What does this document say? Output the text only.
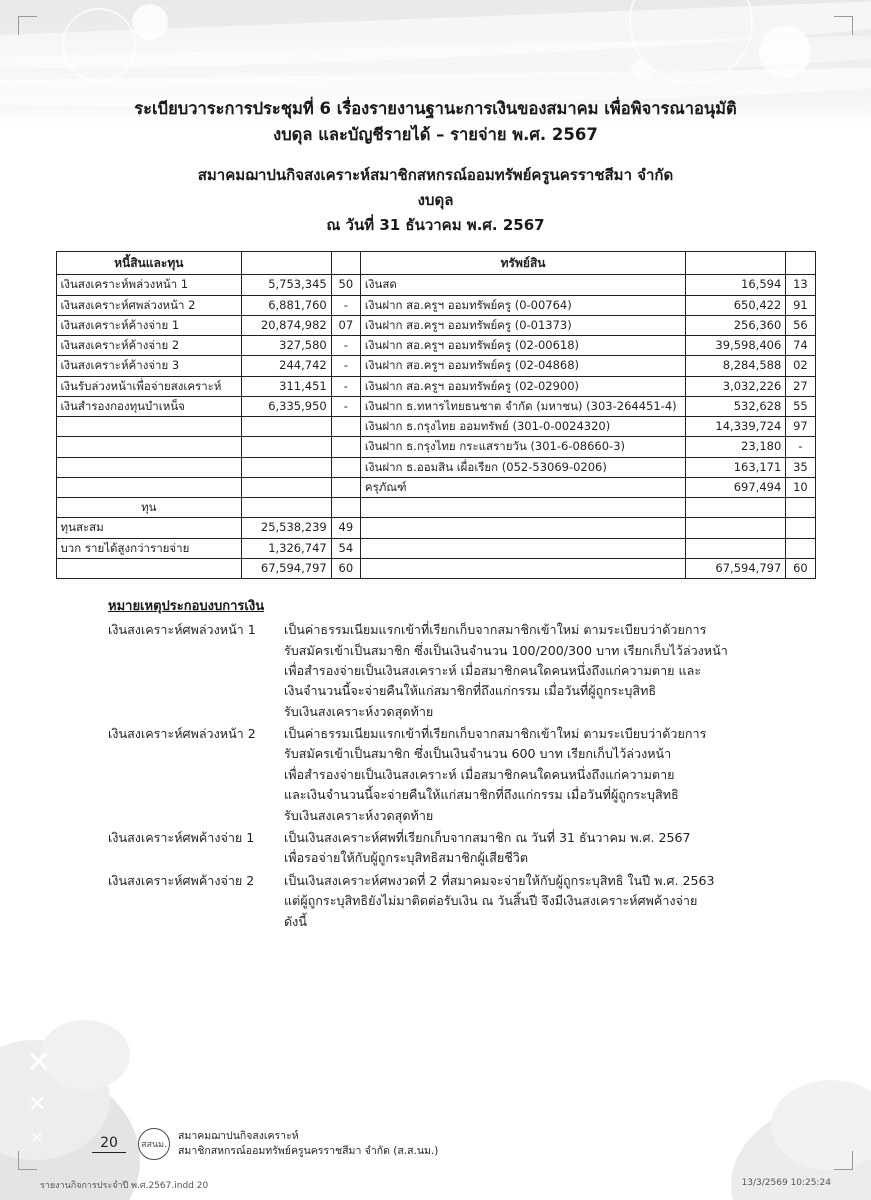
✕
✕
✕
ระเบียบวาระการประชุมที่ 6 เรื่องรายงานฐานะการเงินของสมาคม เพื่อพิจารณาอนุมัติ
งบดุล และบัญชีรายได้ – รายจ่าย พ.ศ. 2567
สมาคมฌาปนกิจสงเคราะห์สมาชิกสหกรณ์ออมทรัพย์ครูนครราชสีมา จำกัด
งบดุล
ณ วันที่ 31 ธันวาคม พ.ศ. 2567
หนี้สินและทุน			ทรัพย์สิน		
เงินสงเคราะห์พล่วงหน้า 1	5,753,345	50	เงินสด	16,594	13
เงินสงเคราะห์ศพล่วงหน้า 2	6,881,760	-	เงินฝาก สอ.ครูฯ ออมทรัพย์ครู (0-00764)	650,422	91
เงินสงเคราะห์ค้างจ่าย 1	20,874,982	07	เงินฝาก สอ.ครูฯ ออมทรัพย์ครู (0-01373)	256,360	56
เงินสงเคราะห์ค้างจ่าย 2	327,580	-	เงินฝาก สอ.ครูฯ ออมทรัพย์ครู (02-00618)	39,598,406	74
เงินสงเคราะห์ค้างจ่าย 3	244,742	-	เงินฝาก สอ.ครูฯ ออมทรัพย์ครู (02-04868)	8,284,588	02
เงินรับล่วงหน้าเพื่อจ่ายสงเคราะห์	311,451	-	เงินฝาก สอ.ครูฯ ออมทรัพย์ครู (02-02900)	3,032,226	27
เงินสำรองกองทุนบำเหน็จ	6,335,950	-	เงินฝาก ธ.ทหารไทยธนชาต จำกัด (มหาชน) (303-264451-4)	532,628	55
			เงินฝาก ธ.กรุงไทย ออมทรัพย์ (301-0-0024320)	14,339,724	97
			เงินฝาก ธ.กรุงไทย กระแสรายวัน (301-6-08660-3)	23,180	-
			เงินฝาก ธ.ออมสิน เผื่อเรียก (052-53069-0206)	163,171	35
			ครุภัณฑ์	697,494	10
ทุน					
ทุนสะสม	25,538,239	49			
บวก รายได้สูงกว่ารายจ่าย	1,326,747	54			
	67,594,797	60		67,594,797	60
หมายเหตุประกอบงบการเงิน
เงินสงเคราะห์ศพล่วงหน้า 1	เป็นค่าธรรมเนียมแรกเข้าที่เรียกเก็บจากสมาชิกเข้าใหม่ ตามระเบียบว่าด้วยการ
รับสมัครเข้าเป็นสมาชิก ซึ่งเป็นเงินจำนวน 100/200/300 บาท เรียกเก็บไว้ล่วงหน้า
เพื่อสำรองจ่ายเป็นเงินสงเคราะห์ เมื่อสมาชิกคนใดคนหนึ่งถึงแก่ความตาย และ
เงินจำนวนนี้จะจ่ายคืนให้แก่สมาชิกที่ถึงแก่กรรม เมื่อวันที่ผู้ถูกระบุสิทธิ
รับเงินสงเคราะห์งวดสุดท้าย
เงินสงเคราะห์ศพล่วงหน้า 2	เป็นค่าธรรมเนียมแรกเข้าที่เรียกเก็บจากสมาชิกเข้าใหม่ ตามระเบียบว่าด้วยการ
รับสมัครเข้าเป็นสมาชิก ซึ่งเป็นเงินจำนวน 600 บาท เรียกเก็บไว้ล่วงหน้า
เพื่อสำรองจ่ายเป็นเงินสงเคราะห์ เมื่อสมาชิกคนใดคนหนึ่งถึงแก่ความตาย
และเงินจำนวนนี้จะจ่ายคืนให้แก่สมาชิกที่ถึงแก่กรรม เมื่อวันที่ผู้ถูกระบุสิทธิ
รับเงินสงเคราะห์งวดสุดท้าย
เงินสงเคราะห์ศพค้างจ่าย 1	เป็นเงินสงเคราะห์ศพที่เรียกเก็บจากสมาชิก ณ วันที่ 31 ธันวาคม พ.ศ. 2567
เพื่อรอจ่ายให้กับผู้ถูกระบุสิทธิสมาชิกผู้เสียชีวิต
เงินสงเคราะห์ศพค้างจ่าย 2	เป็นเงินสงเคราะห์ศพงวดที่ 2 ที่สมาคมจะจ่ายให้กับผู้ถูกระบุสิทธิ ในปี พ.ศ. 2563
แต่ผู้ถูกระบุสิทธิยังไม่มาติดต่อรับเงิน ณ วันสิ้นปี จึงมีเงินสงเคราะห์ศพค้างจ่าย
ดังนี้
20	สสนม.
สมาคมฌาปนกิจสงเคราะห์
สมาชิกสหกรณ์ออมทรัพย์ครูนครราชสีมา จำกัด (ส.ส.นม.)
รายงานกิจการประจำปี พ.ศ.2567.indd 20	13/3/2569 10:25:24
